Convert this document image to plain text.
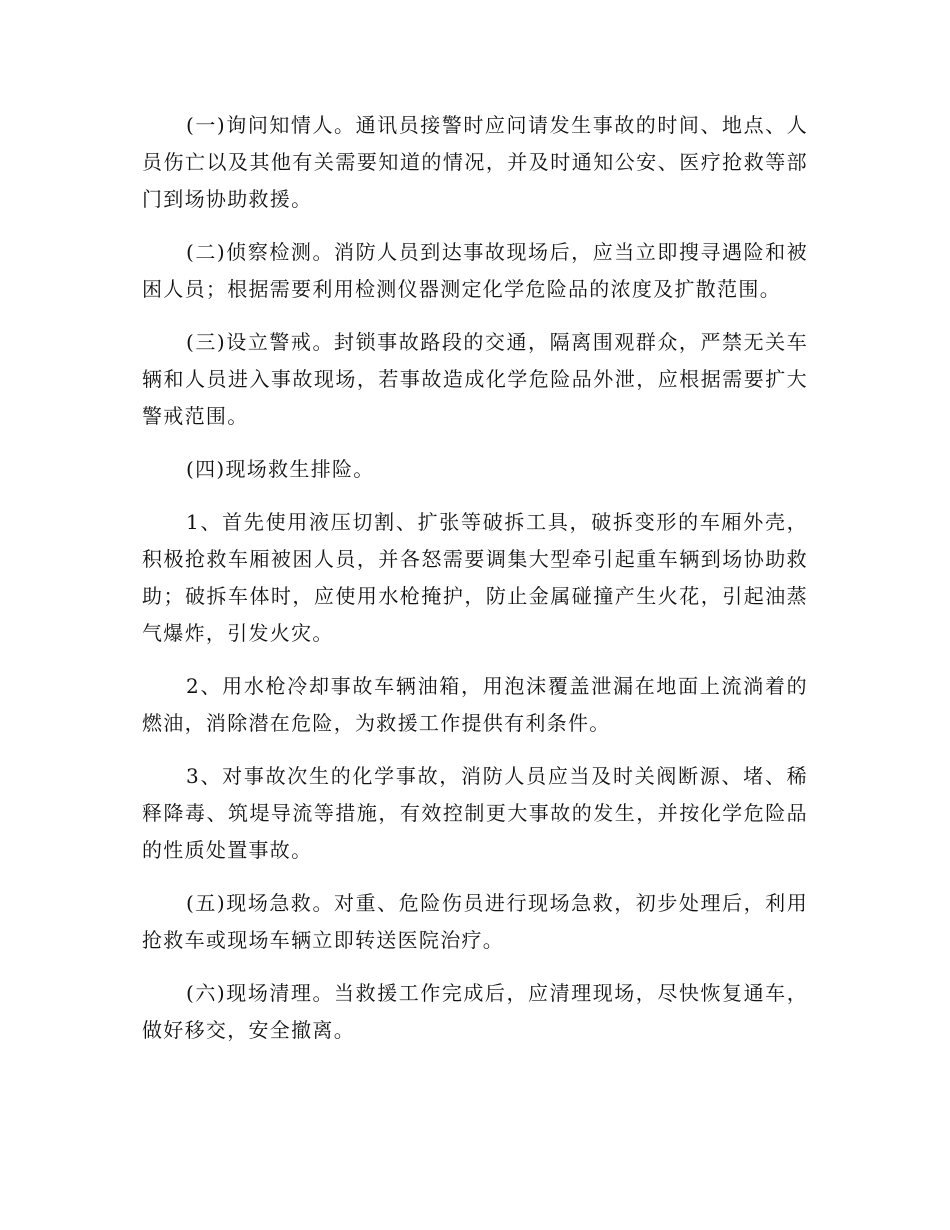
(一)询问知情人。通讯员接警时应问请发生事故的时间、地点、人员伤亡以及其他有关需要知道的情况，并及时通知公安、医疗抢救等部门到场协助救援。

(二)侦察检测。消防人员到达事故现场后，应当立即搜寻遇险和被困人员；根据需要利用检测仪器测定化学危险品的浓度及扩散范围。

(三)设立警戒。封锁事故路段的交通，隔离围观群众，严禁无关车辆和人员进入事故现场，若事故造成化学危险品外泄，应根据需要扩大警戒范围。

(四)现场救生排险。

1、首先使用液压切割、扩张等破拆工具，破拆变形的车厢外壳，积极抢救车厢被困人员，并各怒需要调集大型牵引起重车辆到场协助救助；破拆车体时，应使用水枪掩护，防止金属碰撞产生火花，引起油蒸气爆炸，引发火灾。

2、用水枪冷却事故车辆油箱，用泡沫覆盖泄漏在地面上流淌着的燃油，消除潜在危险，为救援工作提供有利条件。

3、对事故次生的化学事故，消防人员应当及时关阀断源、堵、稀释降毒、筑堤导流等措施，有效控制更大事故的发生，并按化学危险品的性质处置事故。

(五)现场急救。对重、危险伤员进行现场急救，初步处理后，利用抢救车或现场车辆立即转送医院治疗。

(六)现场清理。当救援工作完成后，应清理现场，尽快恢复通车，做好移交，安全撤离。
